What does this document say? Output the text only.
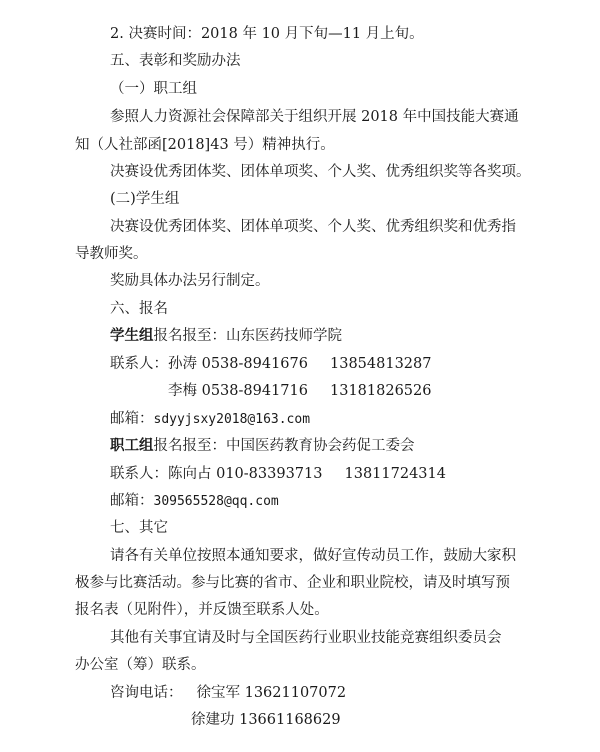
2. 决赛时间：2018 年 10 月下旬—11 月上旬。
五、表彰和奖励办法
（一）职工组
参照人力资源社会保障部关于组织开展 2018 年中国技能大赛通
知（人社部函[2018]43 号）精神执行。
决赛设优秀团体奖、团体单项奖、个人奖、优秀组织奖等各奖项。
(二)学生组
决赛设优秀团体奖、团体单项奖、个人奖、优秀组织奖和优秀指
导教师奖。
奖励具体办法另行制定。
六、报名
学生组报名报至：山东医药技师学院
联系人：孙涛 0538-8941676 13854813287
李梅 0538-8941716 13181826526
邮箱：sdyyjsxy2018@163.com
职工组报名报至：中国医药教育协会药促工委会
联系人：陈向占 010-83393713 13811724314
邮箱：309565528@qq.com
七、其它
请各有关单位按照本通知要求，做好宣传动员工作，鼓励大家积
极参与比赛活动。参与比赛的省市、企业和职业院校，请及时填写预
报名表（见附件），并反馈至联系人处。
其他有关事宜请及时与全国医药行业职业技能竞赛组织委员会
办公室（筹）联系。
咨询电话： 徐宝军 13621107072
徐建功 13661168629
